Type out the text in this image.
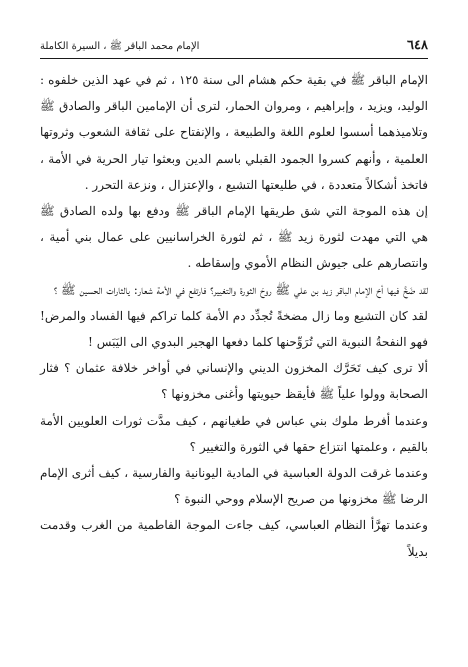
٦٤٨
الإمام محمد الباقر ﷺ ، السيرة الكاملة

الإمام الباقر ﷺ في بقية حكم هشام الى سنة ١٢٥ ، ثم في عهد الذين خلفوه : الوليد، ويزيد ، وإبراهيم ، ومروان الحمار، لترى أن الإمامين الباقر والصادق ﷺ وتلاميذهما أسسوا لعلوم اللغة والطبيعة ، والإنفتاح على ثقافة الشعوب وثروتها العلمية ، وأنهم كسروا الجمود القبلي باسم الدين وبعثوا تيار الحرية في الأمة ، فاتخذ أشكالاً متعددة ، في طليعتها التشيع ، والإعتزال ، ونزعة التحرر .

إن هذه الموجة التي شق طريقها الإمام الباقر ﷺ ودفع بها ولده الصادق ﷺ هي التي مهدت لثورة زيد ﷺ ، ثم لثورة الخراسانيين على عمال بني أمية ، وانتصارهم على جيوش النظام الأموي وإسقاطه .

لقد ضَخَّ فيها أخ الإمام الباقر زيد بن علي ﷺ روحَ الثورة والتغيير؟ فارتفع في الأمة شعار: يالثارات الحسين ﷺ ؟

لقد كان التشيع وما زال مضخةً تُجدِّد دم الأمة كلما تراكم فيها الفساد والمرض! فهو النفحةُ النبوية التي تُرَوِّحنها كلما دفعها الهجير البدوي الى اليَبَس !

ألا ترى كيف تَحَرَّك المخزون الديني والإنساني في أواخر خلافة عثمان ؟ فثار الصحابة وولوا علياً ﷺ فأيقظ حيويتها وأغنى مخزونها ؟

وعندما أفرط ملوك بني عباس في طغيانهم ، كيف مدَّت ثورات العلويين الأمة بالقيم ، وعلمتها انتزاع حقها في الثورة والتغيير ؟

وعندما غرقت الدولة العباسية في المادية اليونانية والفارسية ، كيف أثرى الإمام الرضا ﷺ مخزونها من صريح الإسلام ووحي النبوة ؟

وعندما تهرَّأ النظام العباسي، كيف جاءت الموجة الفاطمية من الغرب وقدمت بديلاً
